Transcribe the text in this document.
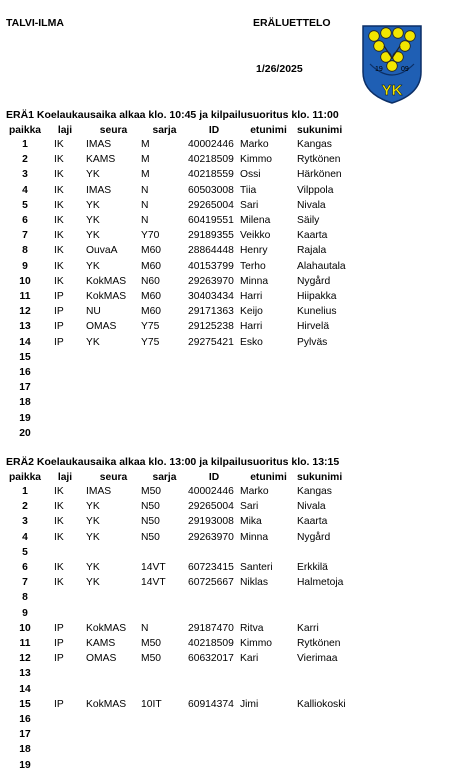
TALVI-ILMA	ERÄLUETTELO
1/26/2025	19	09
YK
ERÄ1 Koelaukausaika alkaa klo. 10:45 ja kilpailusuoritus klo. 11:00
paikka	laji	seura	sarja	ID	etunimi	sukunimi
1	IK	IMAS	M	40002446	Marko	Kangas
2	IK	KAMS	M	40218509	Kimmo	Rytkönen
3	IK	YK	M	40218559	Ossi	Härkönen
4	IK	IMAS	N	60503008	Tiia	Vilppola
5	IK	YK	N	29265004	Sari	Nivala
6	IK	YK	N	60419551	Milena	Säily
7	IK	YK	Y70	29189355	Veikko	Kaarta
8	IK	OuvaA	M60	28864448	Henry	Rajala
9	IK	YK	M60	40153799	Terho	Alahautala
10	IK	KokMAS	N60	29263970	Minna	Nygård
11	IP	KokMAS	M60	30403434	Harri	Hiipakka
12	IP	NU	M60	29171363	Keijo	Kunelius
13	IP	OMAS	Y75	29125238	Harri	Hirvelä
14	IP	YK	Y75	29275421	Esko	Pylväs
15						
16						
17						
18						
19						
20						
ERÄ2 Koelaukausaika alkaa klo. 13:00 ja kilpailusuoritus klo. 13:15
paikka	laji	seura	sarja	ID	etunimi	sukunimi
1	IK	IMAS	M50	40002446	Marko	Kangas
2	IK	YK	N50	29265004	Sari	Nivala
3	IK	YK	N50	29193008	Mika	Kaarta
4	IK	YK	N50	29263970	Minna	Nygård
5						
6	IK	YK	14VT	60723415	Santeri	Erkkilä
7	IK	YK	14VT	60725667	Niklas	Halmetoja
8						
9						
10	IP	KokMAS	N	29187470	Ritva	Karri
11	IP	KAMS	M50	40218509	Kimmo	Rytkönen
12	IP	OMAS	M50	60632017	Kari	Vierimaa
13						
14						
15	IP	KokMAS	10IT	60914374	Jimi	Kalliokoski
16						
17						
18						
19						
